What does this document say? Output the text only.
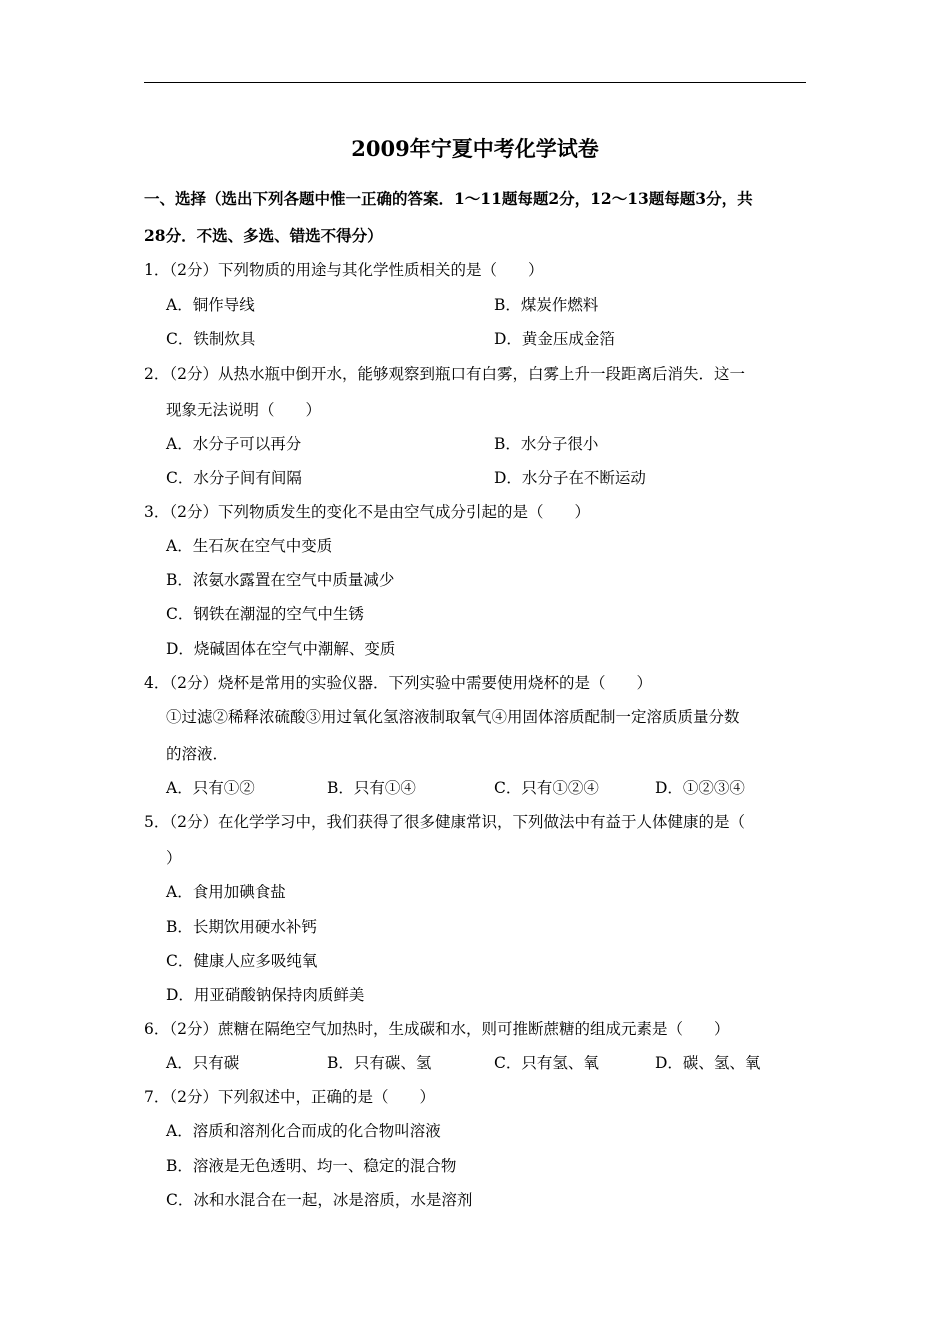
2009年宁夏中考化学试卷
一、选择（选出下列各题中惟一正确的答案．1～11题每题2分，12～13题每题3分，共
28分．不选、多选、错选不得分）
1．（2分）下列物质的用途与其化学性质相关的是（　　）
A．铜作导线	B．煤炭作燃料
C．铁制炊具	D．黄金压成金箔
2．（2分）从热水瓶中倒开水，能够观察到瓶口有白雾，白雾上升一段距离后消失．这一
现象无法说明（　　）
A．水分子可以再分	B．水分子很小
C．水分子间有间隔	D．水分子在不断运动
3．（2分）下列物质发生的变化不是由空气成分引起的是（　　）
A．生石灰在空气中变质
B．浓氨水露置在空气中质量减少
C．钢铁在潮湿的空气中生锈
D．烧碱固体在空气中潮解、变质
4．（2分）烧杯是常用的实验仪器．下列实验中需要使用烧杯的是（　　）
①过滤②稀释浓硫酸③用过氧化氢溶液制取氧气④用固体溶质配制一定溶质质量分数
的溶液．
A．只有①②	B．只有①④	C．只有①②④	D．①②③④
5．（2分）在化学学习中，我们获得了很多健康常识，下列做法中有益于人体健康的是（
）
A．食用加碘食盐
B．长期饮用硬水补钙
C．健康人应多吸纯氧
D．用亚硝酸钠保持肉质鲜美
6．（2分）蔗糖在隔绝空气加热时，生成碳和水，则可推断蔗糖的组成元素是（　　）
A．只有碳	B．只有碳、氢	C．只有氢、氧	D．碳、氢、氧
7．（2分）下列叙述中，正确的是（　　）
A．溶质和溶剂化合而成的化合物叫溶液
B．溶液是无色透明、均一、稳定的混合物
C．冰和水混合在一起，冰是溶质，水是溶剂
